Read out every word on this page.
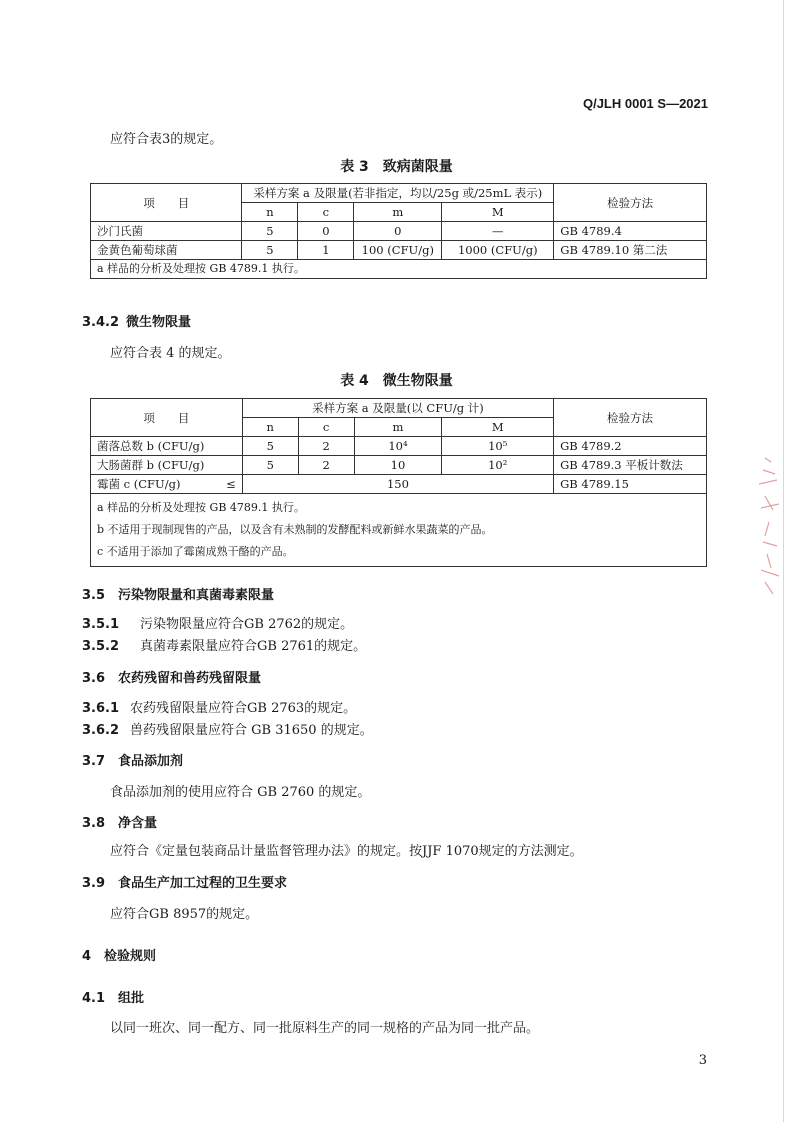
Q/JLH 0001 S—2021
应符合表3的规定。
表 3　致病菌限量
项　　目	采样方案 a 及限量(若非指定，均以/25g 或/25mL 表示)				检验方法
	n	c	m	M	
沙门氏菌	5	0	0	—	GB 4789.4
金黄色葡萄球菌	5	1	100 (CFU/g)	1000 (CFU/g)	GB 4789.10 第二法
a 样品的分析及处理按 GB 4789.1 执行。					
3.4.2 微生物限量
应符合表 4 的规定。
表 4　微生物限量
项　　目	采样方案 a 及限量(以 CFU/g 计)				检验方法
	n	c	m	M	
菌落总数 b (CFU/g)	5	2	10⁴	10⁵	GB 4789.2
大肠菌群 b (CFU/g)	5	2	10	10²	GB 4789.3 平板计数法
霉菌 c (CFU/g) ≤	150				GB 4789.15

a 样品的分析及处理按 GB 4789.1 执行。
b 不适用于现制现售的产品，以及含有未熟制的发酵配料或新鲜水果蔬菜的产品。
c 不适用于添加了霉菌成熟干酪的产品。					
3.5 污染物限量和真菌毒素限量
3.5.1 污染物限量应符合GB 2762的规定。
3.5.2 真菌毒素限量应符合GB 2761的规定。
3.6 农药残留和兽药残留限量
3.6.1 农药残留限量应符合GB 2763的规定。
3.6.2 兽药残留限量应符合 GB 31650 的规定。
3.7 食品添加剂
食品添加剂的使用应符合 GB 2760 的规定。
3.8 净含量
应符合《定量包装商品计量监督管理办法》的规定。按JJF 1070规定的方法测定。
3.9 食品生产加工过程的卫生要求
应符合GB 8957的规定。
4 检验规则
4.1 组批
以同一班次、同一配方、同一批原料生产的同一规格的产品为同一批产品。
3
